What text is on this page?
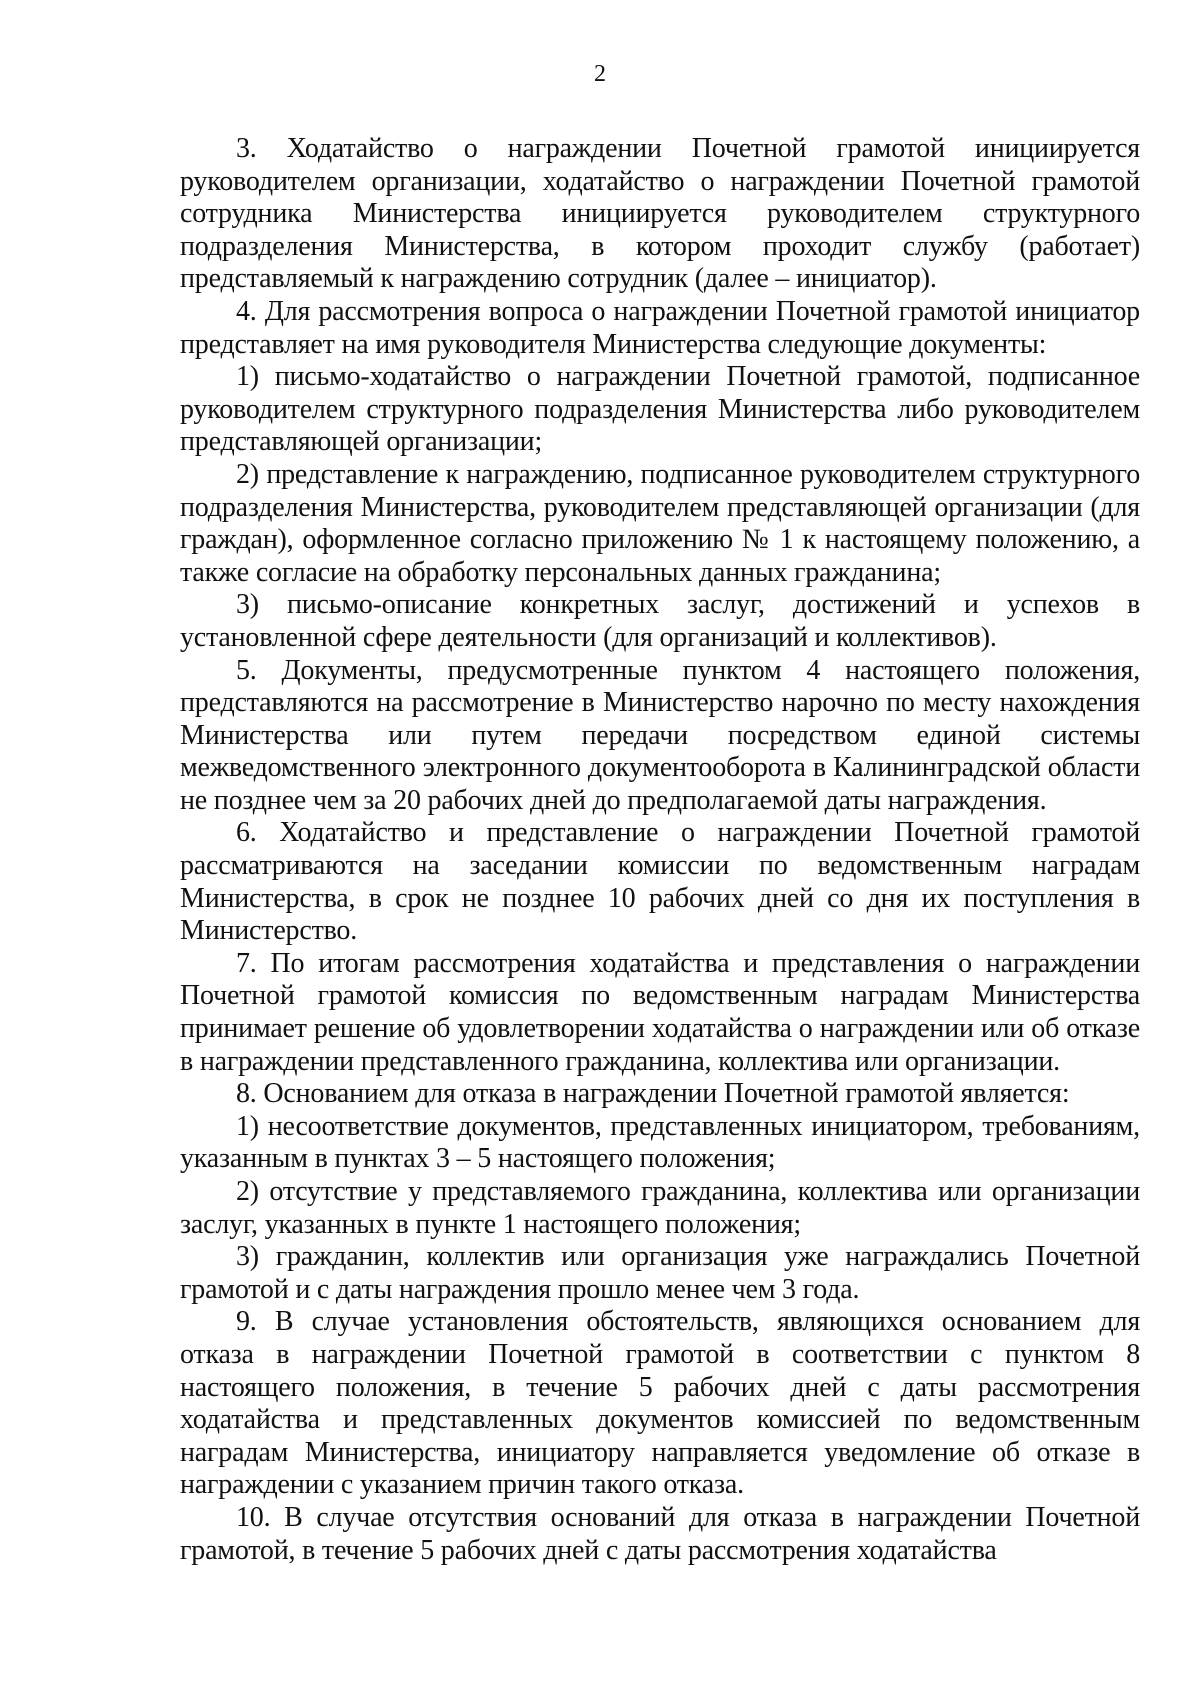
2

3. Ходатайство о награждении Почетной грамотой инициируется руководителем организации, ходатайство о награждении Почетной грамотой сотрудника Министерства инициируется руководителем структурного подразделения Министерства, в котором проходит службу (работает) представляемый к награждению сотрудник (далее – инициатор).

4. Для рассмотрения вопроса о награждении Почетной грамотой инициатор представляет на имя руководителя Министерства следующие документы:

1) письмо-ходатайство о награждении Почетной грамотой, подписанное руководителем структурного подразделения Министерства либо руководителем представляющей организации;

2) представление к награждению, подписанное руководителем структурного подразделения Министерства, руководителем представляющей организации (для граждан), оформленное согласно приложению № 1 к настоящему положению, а также согласие на обработку персональных данных гражданина;

3) письмо-описание конкретных заслуг, достижений и успехов в установленной сфере деятельности (для организаций и коллективов).

5. Документы, предусмотренные пунктом 4 настоящего положения, представляются на рассмотрение в Министерство нарочно по месту нахождения Министерства или путем передачи посредством единой системы межведомственного электронного документооборота в Калининградской области не позднее чем за 20 рабочих дней до предполагаемой даты награждения.

6. Ходатайство и представление о награждении Почетной грамотой рассматриваются на заседании комиссии по ведомственным наградам Министерства, в срок не позднее 10 рабочих дней со дня их поступления в Министерство.

7. По итогам рассмотрения ходатайства и представления о награждении Почетной грамотой комиссия по ведомственным наградам Министерства принимает решение об удовлетворении ходатайства о награждении или об отказе в награждении представленного гражданина, коллектива или организации.

8. Основанием для отказа в награждении Почетной грамотой является:

1) несоответствие документов, представленных инициатором, требованиям, указанным в пунктах 3 – 5 настоящего положения;

2) отсутствие у представляемого гражданина, коллектива или организации заслуг, указанных в пункте 1 настоящего положения;

3) гражданин, коллектив или организация уже награждались Почетной грамотой и с даты награждения прошло менее чем 3 года.

9. В случае установления обстоятельств, являющихся основанием для отказа в награждении Почетной грамотой в соответствии с пунктом 8 настоящего положения, в течение 5 рабочих дней с даты рассмотрения ходатайства и представленных документов комиссией по ведомственным наградам Министерства, инициатору направляется уведомление об отказе в награждении с указанием причин такого отказа.

10. В случае отсутствия оснований для отказа в награждении Почетной грамотой, в течение 5 рабочих дней с даты рассмотрения ходатайства
